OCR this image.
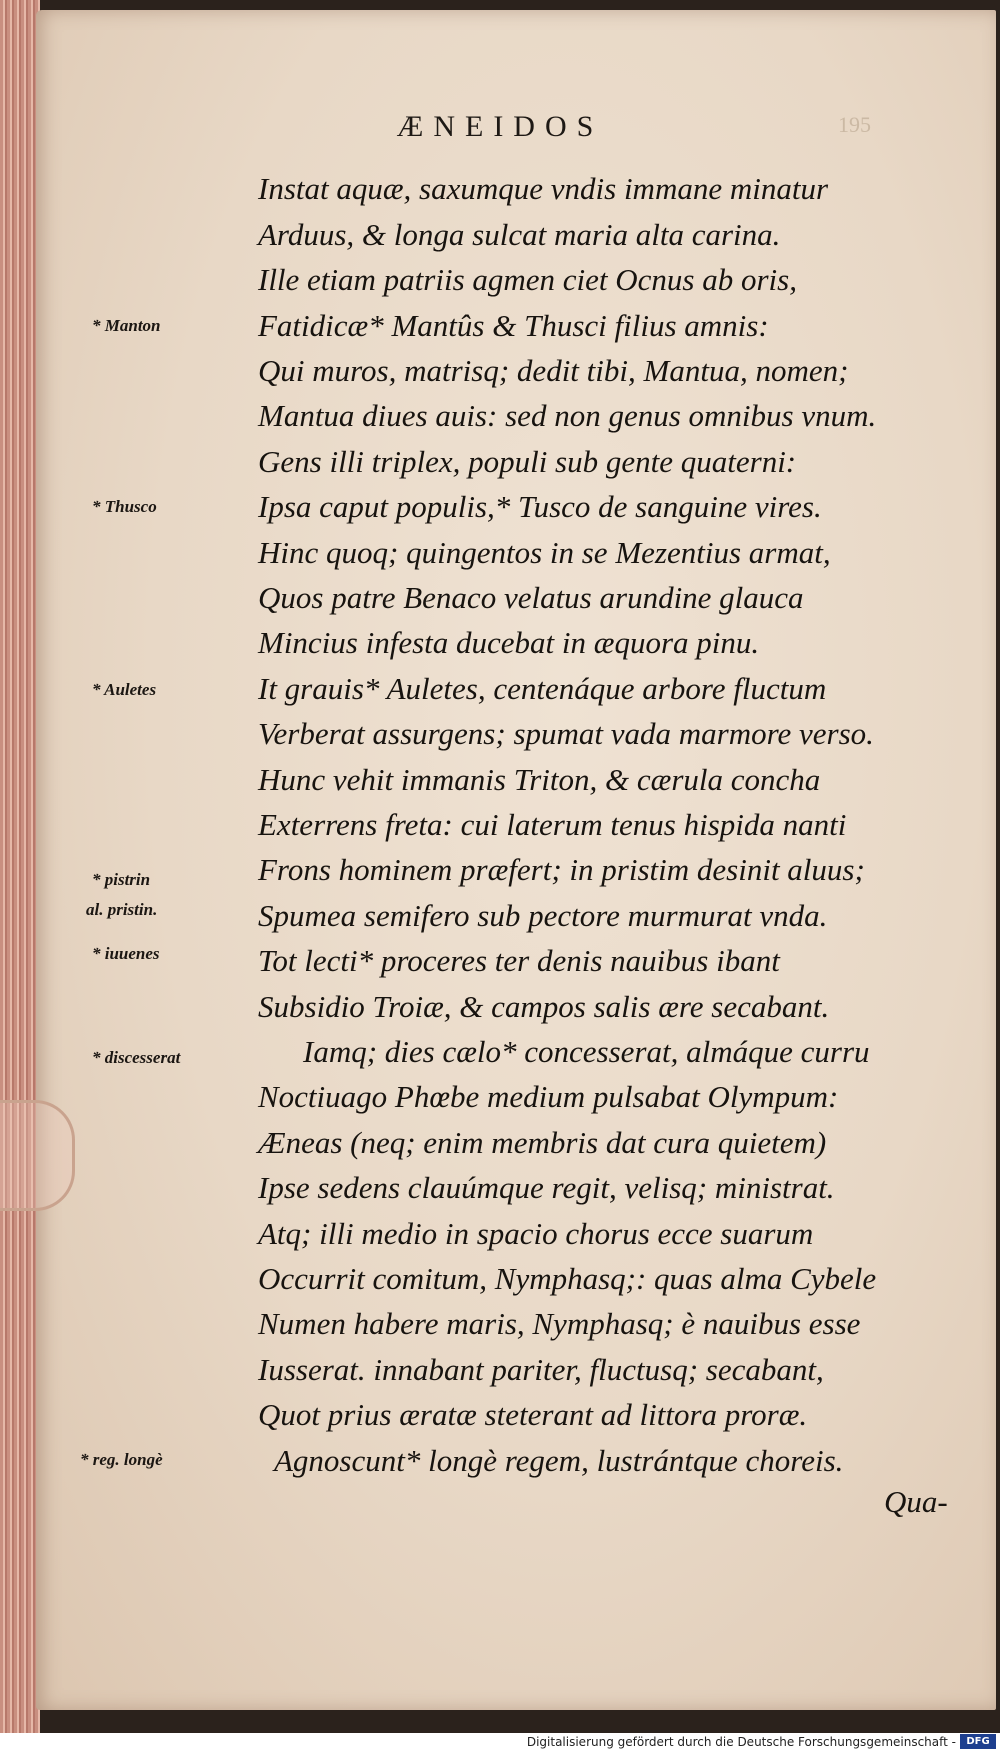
ÆNEIDOS	195
Instat aquæ, saxumque vndis immane minatur
Arduus, & longa sulcat maria alta carina.
Ille etiam patriis agmen ciet Ocnus ab oris,
Fatidicæ* Mantûs & Thusci filius amnis:
Qui muros, matrisq; dedit tibi, Mantua, nomen;
Mantua diues auis: sed non genus omnibus vnum.
Gens illi triplex, populi sub gente quaterni:
Ipsa caput populis,* Tusco de sanguine vires.
Hinc quoq; quingentos in se Mezentius armat,
Quos patre Benaco velatus arundine glauca
Mincius infesta ducebat in æquora pinu.
It grauis* Auletes, centenáque arbore fluctum
Verberat assurgens; spumat vada marmore verso.
Hunc vehit immanis Triton, & cærula concha
Exterrens freta: cui laterum tenus hispida nanti
Frons hominem præfert; in pristim desinit aluus;
Spumea semifero sub pectore murmurat vnda.
Tot lecti* proceres ter denis nauibus ibant
Subsidio Troiæ, & campos salis ære secabant.
Iamq; dies cælo* concesserat, almáque curru
Noctiuago Phœbe medium pulsabat Olympum:
Æneas (neq; enim membris dat cura quietem)
Ipse sedens clauúmque regit, velisq; ministrat.
Atq; illi medio in spacio chorus ecce suarum
Occurrit comitum, Nymphasq;: quas alma Cybele
Numen habere maris, Nymphasq; è nauibus esse
Iusserat. innabant pariter, fluctusq; secabant,
Quot prius æratæ steterant ad littora proræ.
Agnoscunt* longè regem, lustrántque choreis.
* Manton
* Thusco
* Auletes
* pistrin
al. pristin.
* iuuenes
* discesserat
* reg. longè
Qua-
Digitalisierung gefördert durch die Deutsche Forschungsgemeinschaft -	DFG
